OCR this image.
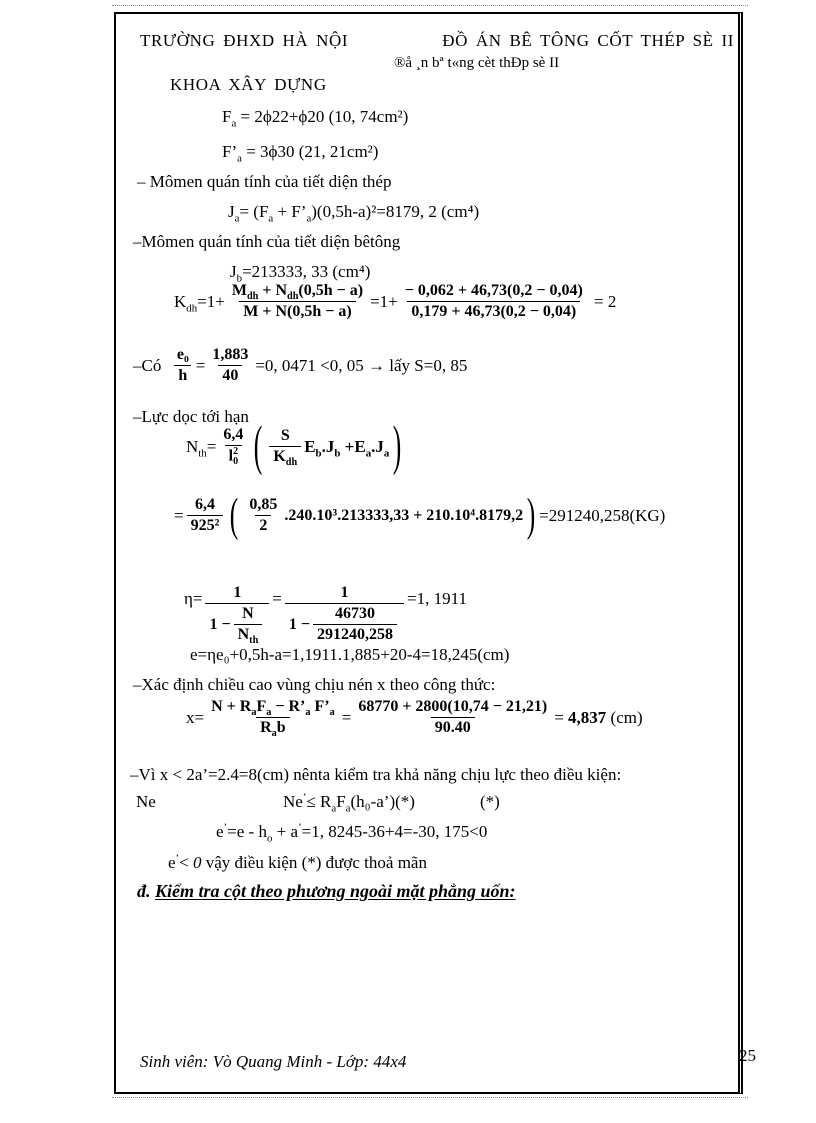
TRƯỜNG ĐHXD HÀ NỘI	ĐỒ ÁN BÊ TÔNG CỐT THÉP SÈ II
®å ¸n bª t«ng cèt thÐp sè II
KHOA XÂY DỰNG
$F_a = 2\phi 22+\phi 20$ (10, 74cm²)
$F’_a = 3\phi 30$ (21, 21cm²)
– Mômen quán tính của tiết diện thép
$J_a= (F_a$ + $F’_a)(0,5h-a)^2=8179$, 2 (cm⁴)
–Mômen quán tính của tiết diện bêtông
$J_b=213333$, 33 (cm⁴)
$K_{dh}=1+ \frac{M_{dh} + N_{dh}(0,5h - a)}{M + N(0,5h - a)} =1+ \frac{- 0,062 + 46,73(0,2 - 0,04)}{0,179 + 46,73(0,2 - 0,04)} = 2$
–Có $\frac{\text{e₀}}{h} = \frac{1,883}{40} =0$, 0471 <0, 05 → lấy S=0, 85
–Lực dọc tới hạn
$N_{th}= 6,4$
l 2
0 ( $\frac{S}{K_{dh}} E_b.J_b +E_a.J_a$ )
= $\frac{6,4}{\text{925²}}$ ( $\frac{0,85}{2} .240.10^3.213333,33 + 210.10^4.8179,2$ ) =291240,258(KG)
$\eta= \frac{1}{1 - \frac{N}{N_{th}}} = \frac{1}{1 - \frac{46730}{291240,258}} =1$, 1911
e=ηe₀+0,5h-a=1,1911.1,885+20-4=18,245(cm)
–Xác định chiều cao vùng chịu nén x theo công thức:
$x= \frac{N + R_aF_a - R’_a F’_a}{R_ab} = \frac{68770 + 2800(10,74 - 21,21)}{90.40} = 4,837$ (cm)
–Vì x < 2a’=2.4=8(cm) nênta kiểm tra khả năng chịu lực theo điều kiện:
Ne	$Ne^’\le R_aF_a(h_0-a’)(*)$	(*)
$e^’=e - h_o + a^’=1$, 8245-36+4=-30, 175<0
e’< 0 vậy điều kiện (*) được thoả mãn
đ. Kiểm tra cột theo phương ngoài mặt phẳng uốn:
Sinh viên: Vò Quang Minh - Lớp: 44x4	25
